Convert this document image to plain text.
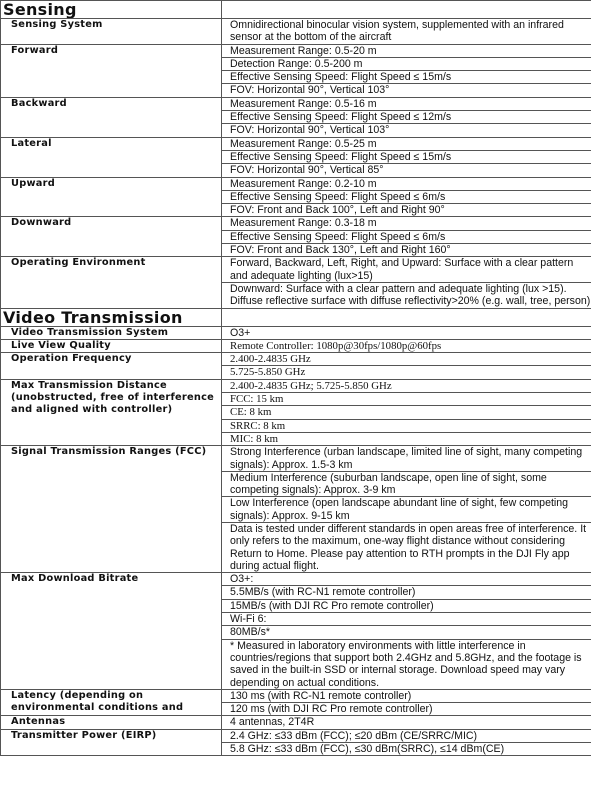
Sensing	
Sensing System	Omnidirectional binocular vision system, supplemented with an infrared sensor at the bottom of the aircraft
Forward	Measurement Range: 0.5-20 m
	Detection Range: 0.5-200 m
	Effective Sensing Speed: Flight Speed ≤ 15m/s
	FOV: Horizontal 90°, Vertical 103°
Backward	Measurement Range: 0.5-16 m
	Effective Sensing Speed: Flight Speed ≤ 12m/s
	FOV: Horizontal 90°, Vertical 103°
Lateral	Measurement Range: 0.5-25 m
	Effective Sensing Speed: Flight Speed ≤ 15m/s
	FOV: Horizontal 90°, Vertical 85°
Upward	Measurement Range: 0.2-10 m
	Effective Sensing Speed: Flight Speed ≤ 6m/s
	FOV: Front and Back 100°, Left and Right 90°
Downward	Measurement Range: 0.3-18 m
	Effective Sensing Speed: Flight Speed ≤ 6m/s
	FOV: Front and Back 130°, Left and Right 160°
Operating Environment	Forward, Backward, Left, Right, and Upward: Surface with a clear pattern and adequate lighting (lux>15)
	Downward: Surface with a clear pattern and adequate lighting (lux >15). Diffuse reflective surface with diffuse reflectivity>20% (e.g. wall, tree, person)
Video Transmission	
Video Transmission System	O3+
Live View Quality	Remote Controller: 1080p@30fps/1080p@60fps
Operation Frequency	2.400-2.4835 GHz
	5.725-5.850 GHz
Max Transmission Distance (unobstructed, free of interference and aligned with controller)	2.400-2.4835 GHz; 5.725-5.850 GHz
	FCC: 15 km
	CE: 8 km
	SRRC: 8 km
	MIC: 8 km
Signal Transmission Ranges (FCC)	Strong Interference (urban landscape, limited line of sight, many competing signals): Approx. 1.5-3 km
	Medium Interference (suburban landscape, open line of sight, some competing signals): Approx. 3-9 km
	Low Interference (open landscape abundant line of sight, few competing signals): Approx. 9-15 km
	Data is tested under different standards in open areas free of interference. It only refers to the maximum, one-way flight distance without considering Return to Home. Please pay attention to RTH prompts in the DJI Fly app during actual flight.
Max Download Bitrate	O3+:
	5.5MB/s (with RC-N1 remote controller)
	15MB/s (with DJI RC Pro remote controller)
	Wi-Fi 6:
	80MB/s*
	* Measured in laboratory environments with little interference in countries/regions that support both 2.4GHz and 5.8GHz, and the footage is saved in the built-in SSD or internal storage. Download speed may vary depending on actual conditions.
Latency (depending on environmental conditions and	130 ms (with RC-N1 remote controller)
	120 ms (with DJI RC Pro remote controller)
Antennas	4 antennas, 2T4R
Transmitter Power (EIRP)	2.4 GHz: ≤33 dBm (FCC); ≤20 dBm (CE/SRRC/MIC)
	5.8 GHz: ≤33 dBm (FCC), ≤30 dBm(SRRC), ≤14 dBm(CE)
